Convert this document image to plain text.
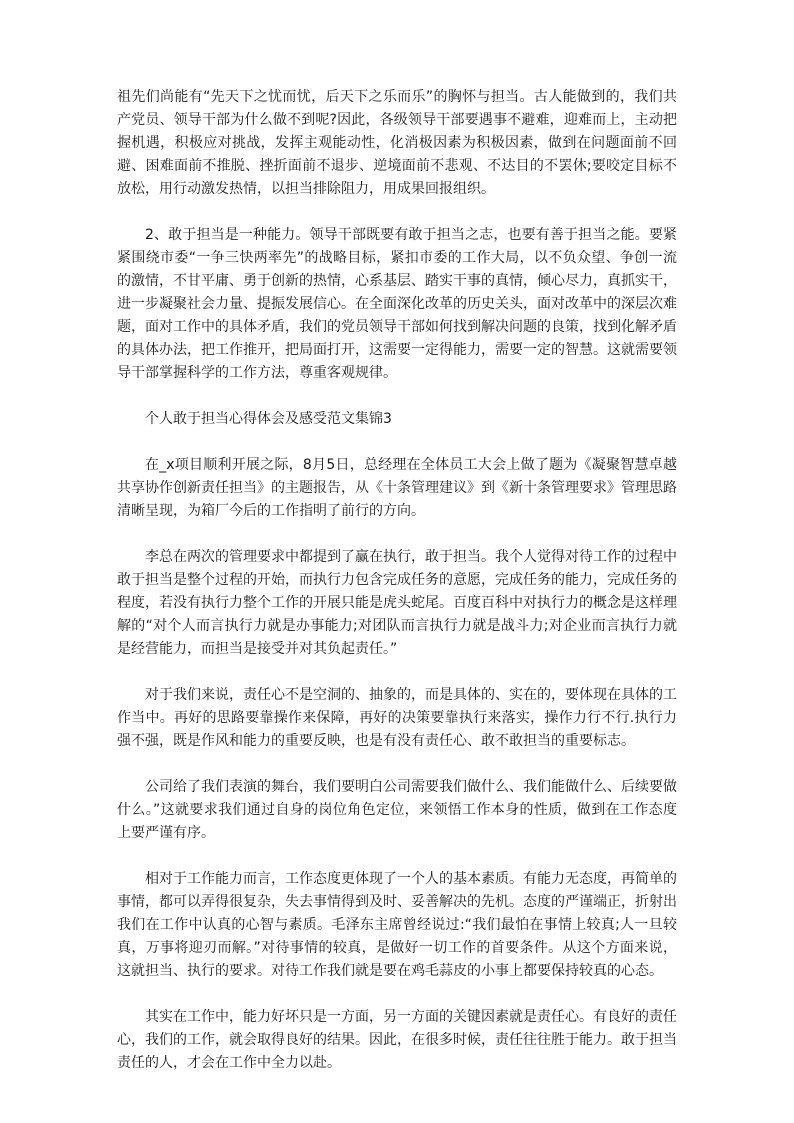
祖先们尚能有“先天下之忧而忧，后天下之乐而乐”的胸怀与担当。古人能做到的，我们共产党员、领导干部为什么做不到呢?因此，各级领导干部要遇事不避难，迎难而上，主动把握机遇，积极应对挑战，发挥主观能动性，化消极因素为积极因素，做到在问题面前不回避、困难面前不推脱、挫折面前不退步、逆境面前不悲观、不达目的不罢休;要咬定目标不放松，用行动激发热情，以担当排除阻力，用成果回报组织。

2、敢于担当是一种能力。领导干部既要有敢于担当之志，也要有善于担当之能。要紧紧围绕市委“一争三快两率先”的战略目标，紧扣市委的工作大局，以不负众望、争创一流的激情，不甘平庸、勇于创新的热情，心系基层、踏实干事的真情，倾心尽力，真抓实干，进一步凝聚社会力量、提振发展信心。在全面深化改革的历史关头，面对改革中的深层次难题，面对工作中的具体矛盾，我们的党员领导干部如何找到解决问题的良策，找到化解矛盾的具体办法，把工作推开，把局面打开，这需要一定得能力，需要一定的智慧。这就需要领导干部掌握科学的工作方法，尊重客观规律。

个人敢于担当心得体会及感受范文集锦3

在_x项目顺利开展之际，8月5日，总经理在全体员工大会上做了题为《凝聚智慧卓越共享协作创新责任担当》的主题报告，从《十条管理建议》到《新十条管理要求》管理思路清晰呈现，为箱厂今后的工作指明了前行的方向。

李总在两次的管理要求中都提到了赢在执行，敢于担当。我个人觉得对待工作的过程中敢于担当是整个过程的开始，而执行力包含完成任务的意愿，完成任务的能力，完成任务的程度，若没有执行力整个工作的开展只能是虎头蛇尾。百度百科中对执行力的概念是这样理解的“对个人而言执行力就是办事能力;对团队而言执行力就是战斗力;对企业而言执行力就是经营能力，而担当是接受并对其负起责任。”

对于我们来说，责任心不是空洞的、抽象的，而是具体的、实在的，要体现在具体的工作当中。再好的思路要靠操作来保障，再好的决策要靠执行来落实，操作力行不行.执行力强不强，既是作风和能力的重要反映，也是有没有责任心、敢不敢担当的重要标志。

公司给了我们表演的舞台，我们要明白公司需要我们做什么、我们能做什么、后续要做什么。”这就要求我们通过自身的岗位角色定位，来领悟工作本身的性质，做到在工作态度上要严谨有序。

相对于工作能力而言，工作态度更体现了一个人的基本素质。有能力无态度，再简单的事情，都可以弄得很复杂，失去事情得到及时、妥善解决的先机。态度的严谨端正，折射出我们在工作中认真的心智与素质。毛泽东主席曾经说过:“我们最怕在事情上较真;人一旦较真，万事将迎刃而解。”对待事情的较真，是做好一切工作的首要条件。从这个方面来说，这就担当、执行的要求。对待工作我们就是要在鸡毛蒜皮的小事上都要保持较真的心态。

其实在工作中，能力好坏只是一方面，另一方面的关键因素就是责任心。有良好的责任心，我们的工作，就会取得良好的结果。因此，在很多时候，责任往往胜于能力。敢于担当责任的人，才会在工作中全力以赴。
